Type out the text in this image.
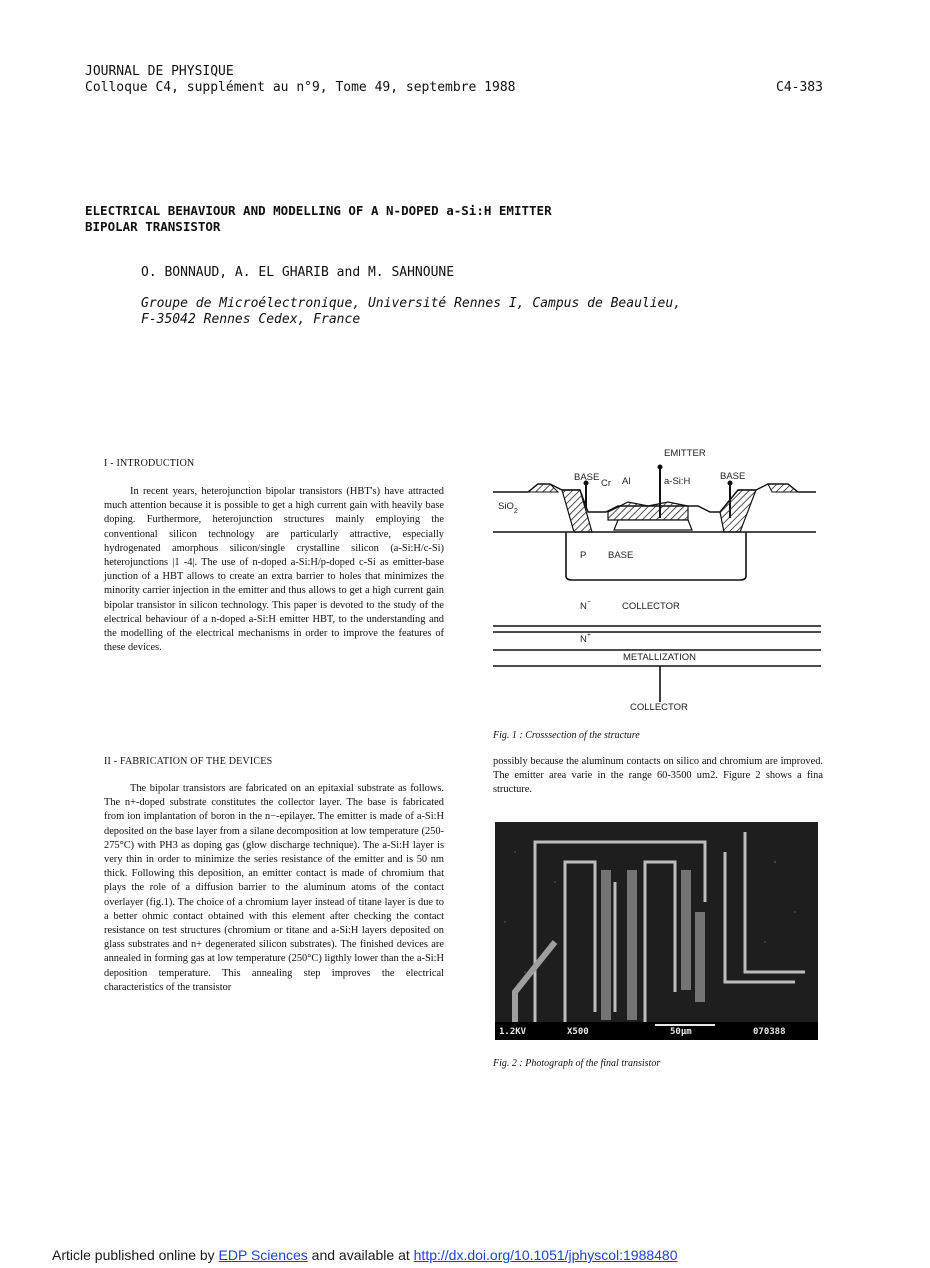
JOURNAL DE PHYSIQUE
Colloque C4, supplément au n°9, Tome 49, septembre 1988	C4-383
ELECTRICAL BEHAVIOUR AND MODELLING OF A N-DOPED a-Si:H EMITTER
BIPOLAR TRANSISTOR
O. BONNAUD, A. EL GHARIB and M. SAHNOUNE
Groupe de Microélectronique, Université Rennes I, Campus de Beaulieu,
F-35042 Rennes Cedex, France
I - INTRODUCTION
In recent years, heterojunction bipolar transistors (HBT's) have attracted much attention because it is possible to get a high current gain with heavily base doping. Furthermore, heterojunction structures mainly employing the conventional silicon technology are particularly attractive, especially hydrogenated amorphous silicon/single crystalline silicon (a-Si:H/c-Si) heterojunctions |1 -4|. The use of n-doped a-Si:H/p-doped c-Si as emitter-base junction of a HBT allows to create an extra barrier to holes that minimizes the minority carrier injection in the emitter and thus allows to get a high current gain bipolar transistor in silicon technology. This paper is devoted to the study of the electrical behaviour of a n-doped a-Si:H emitter HBT, to the understanding and the modelling of the electrical mechanisms in order to improve the features of these devices.
II - FABRICATION OF THE DEVICES
The bipolar transistors are fabricated on an epitaxial substrate as follows. The n+-doped substrate constitutes the collector layer. The base is fabricated from ion implantation of boron in the n−-epilayer. The emitter is made of a-Si:H deposited on the base layer from a silane decomposition at low temperature (250-275°C) with PH3 as doping gas (glow discharge technique). The a-Si:H layer is very thin in order to minimize the series resistance of the emitter and is 50 nm thick. Following this deposition, an emitter contact is made of chromium that plays the role of a diffusion barrier to the aluminum atoms of the contact overlayer (fig.1). The choice of a chromium layer instead of titane layer is due to a better ohmic contact obtained with this element after checking the contact resistance on test structures (chromium or titane and a-Si:H layers deposited on glass substrates and n+ degenerated silicon substrates). The finished devices are annealed in forming gas at low temperature (250°C) ligthly lower than the a-Si:H deposition temperature. This annealing step improves the electrical characteristics of the transistor
EMITTER
BASE
Cr Al	a-Si:H	BASE
SiO$_2$
P BASE
N−	COLLECTOR
N+
METALLIZATION
COLLECTOR
Fig. 1 : Crosssection of the structure
possibly because the aluminum contacts on silico and chromium are improved. The emitter area varie in the range 60-3500 um2. Figure 2 shows a fina structure.
1.2KV	X500	50μm	070388
Fig. 2 : Photograph of the final transistor
Article published online by EDP Sciences and available at http://dx.doi.org/10.1051/jphyscol:1988480
